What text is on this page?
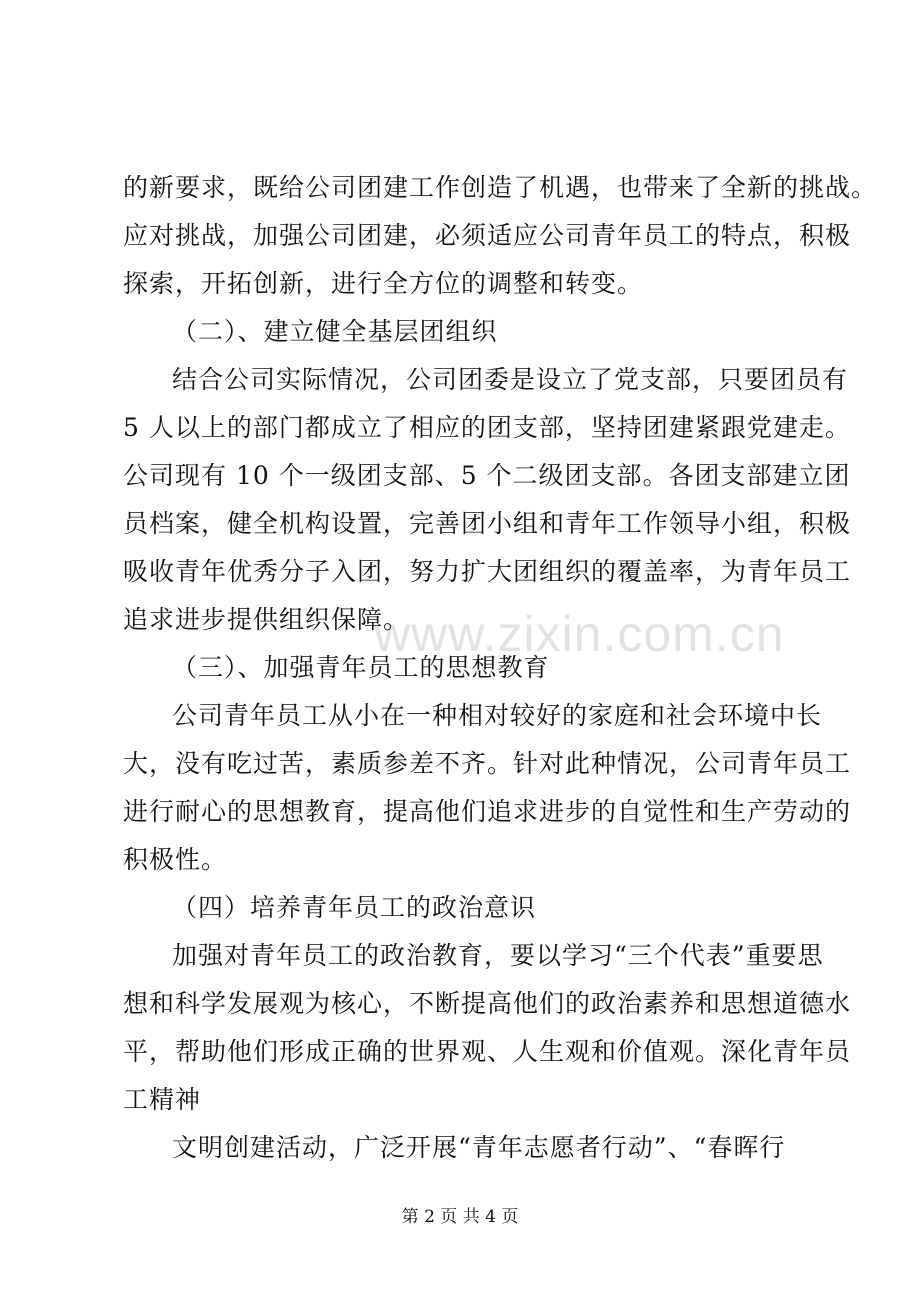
www.zixin.com.cn
的新要求，既给公司团建工作创造了机遇，也带来了全新的挑战。
应对挑战，加强公司团建，必须适应公司青年员工的特点，积极
探索，开拓创新，进行全方位的调整和转变。
（二）、建立健全基层团组织
结合公司实际情况，公司团委是设立了党支部，只要团员有
5 人以上的部门都成立了相应的团支部，坚持团建紧跟党建走。
公司现有 10 个一级团支部、5 个二级团支部。各团支部建立团
员档案，健全机构设置，完善团小组和青年工作领导小组，积极
吸收青年优秀分子入团，努力扩大团组织的覆盖率，为青年员工
追求进步提供组织保障。
（三）、加强青年员工的思想教育
公司青年员工从小在一种相对较好的家庭和社会环境中长
大，没有吃过苦，素质参差不齐。针对此种情况，公司青年员工
进行耐心的思想教育，提高他们追求进步的自觉性和生产劳动的
积极性。
（四）培养青年员工的政治意识
加强对青年员工的政治教育，要以学习“三个代表”重要思
想和科学发展观为核心，不断提高他们的政治素养和思想道德水
平，帮助他们形成正确的世界观、人生观和价值观。深化青年员
工精神
文明创建活动，广泛开展“青年志愿者行动”、“春晖行
第 2 页 共 4 页
